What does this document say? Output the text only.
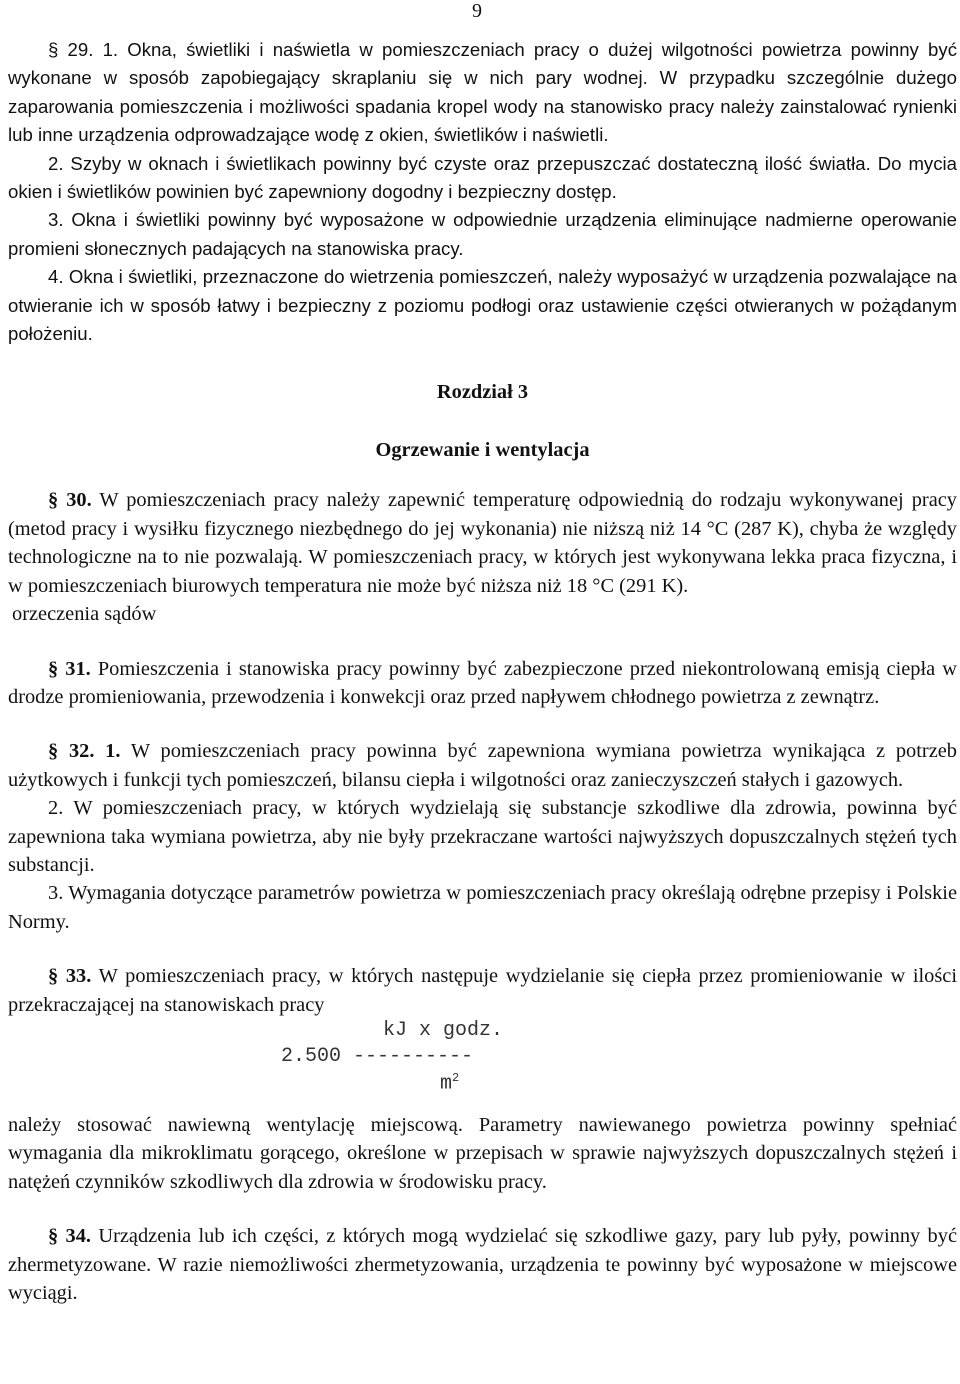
9

§ 29. 1. Okna, świetliki i naświetla w pomieszczeniach pracy o dużej wilgotności powietrza powinny być wykonane w sposób zapobiegający skraplaniu się w nich pary wodnej. W przypadku szczególnie dużego zaparowania pomieszczenia i możliwości spadania kropel wody na stanowisko pracy należy zainstalować rynienki lub inne urządzenia odprowadzające wodę z okien, świetlików i naświetli.

2. Szyby w oknach i świetlikach powinny być czyste oraz przepuszczać dostateczną ilość światła. Do mycia okien i świetlików powinien być zapewniony dogodny i bezpieczny dostęp.

3. Okna i świetliki powinny być wyposażone w odpowiednie urządzenia eliminujące nadmierne operowanie promieni słonecznych padających na stanowiska pracy.

4. Okna i świetliki, przeznaczone do wietrzenia pomieszczeń, należy wyposażyć w urządzenia pozwalające na otwieranie ich w sposób łatwy i bezpieczny z poziomu podłogi oraz ustawienie części otwieranych w pożądanym położeniu.

Rozdział 3

Ogrzewanie i wentylacja

§ 30. W pomieszczeniach pracy należy zapewnić temperaturę odpowiednią do rodzaju wykonywanej pracy (metod pracy i wysiłku fizycznego niezbędnego do jej wykonania) nie niższą niż 14 °C (287 K), chyba że względy technologiczne na to nie pozwalają. W pomieszczeniach pracy, w których jest wykonywana lekka praca fizyczna, i w pomieszczeniach biurowych temperatura nie może być niższa niż 18 °C (291 K).

orzeczenia sądów

§ 31. Pomieszczenia i stanowiska pracy powinny być zabezpieczone przed niekontrolowaną emisją ciepła w drodze promieniowania, przewodzenia i konwekcji oraz przed napływem chłodnego powietrza z zewnątrz.

§ 32. 1. W pomieszczeniach pracy powinna być zapewniona wymiana powietrza wynikająca z potrzeb użytkowych i funkcji tych pomieszczeń, bilansu ciepła i wilgotności oraz zanieczyszczeń stałych i gazowych.

2. W pomieszczeniach pracy, w których wydzielają się substancje szkodliwe dla zdrowia, powinna być zapewniona taka wymiana powietrza, aby nie były przekraczane wartości najwyższych dopuszczalnych stężeń tych substancji.

3. Wymagania dotyczące parametrów powietrza w pomieszczeniach pracy określają odrębne przepisy i Polskie Normy.

§ 33. W pomieszczeniach pracy, w których następuje wydzielanie się ciepła przez promieniowanie w ilości przekraczającej na stanowiskach pracy

kJ x godz.
2.500 ----------
$m^2$

należy stosować nawiewną wentylację miejscową. Parametry nawiewanego powietrza powinny spełniać wymagania dla mikroklimatu gorącego, określone w przepisach w sprawie najwyższych dopuszczalnych stężeń i natężeń czynników szkodliwych dla zdrowia w środowisku pracy.

§ 34. Urządzenia lub ich części, z których mogą wydzielać się szkodliwe gazy, pary lub pyły, powinny być zhermetyzowane. W razie niemożliwości zhermetyzowania, urządzenia te powinny być wyposażone w miejscowe wyciągi.
